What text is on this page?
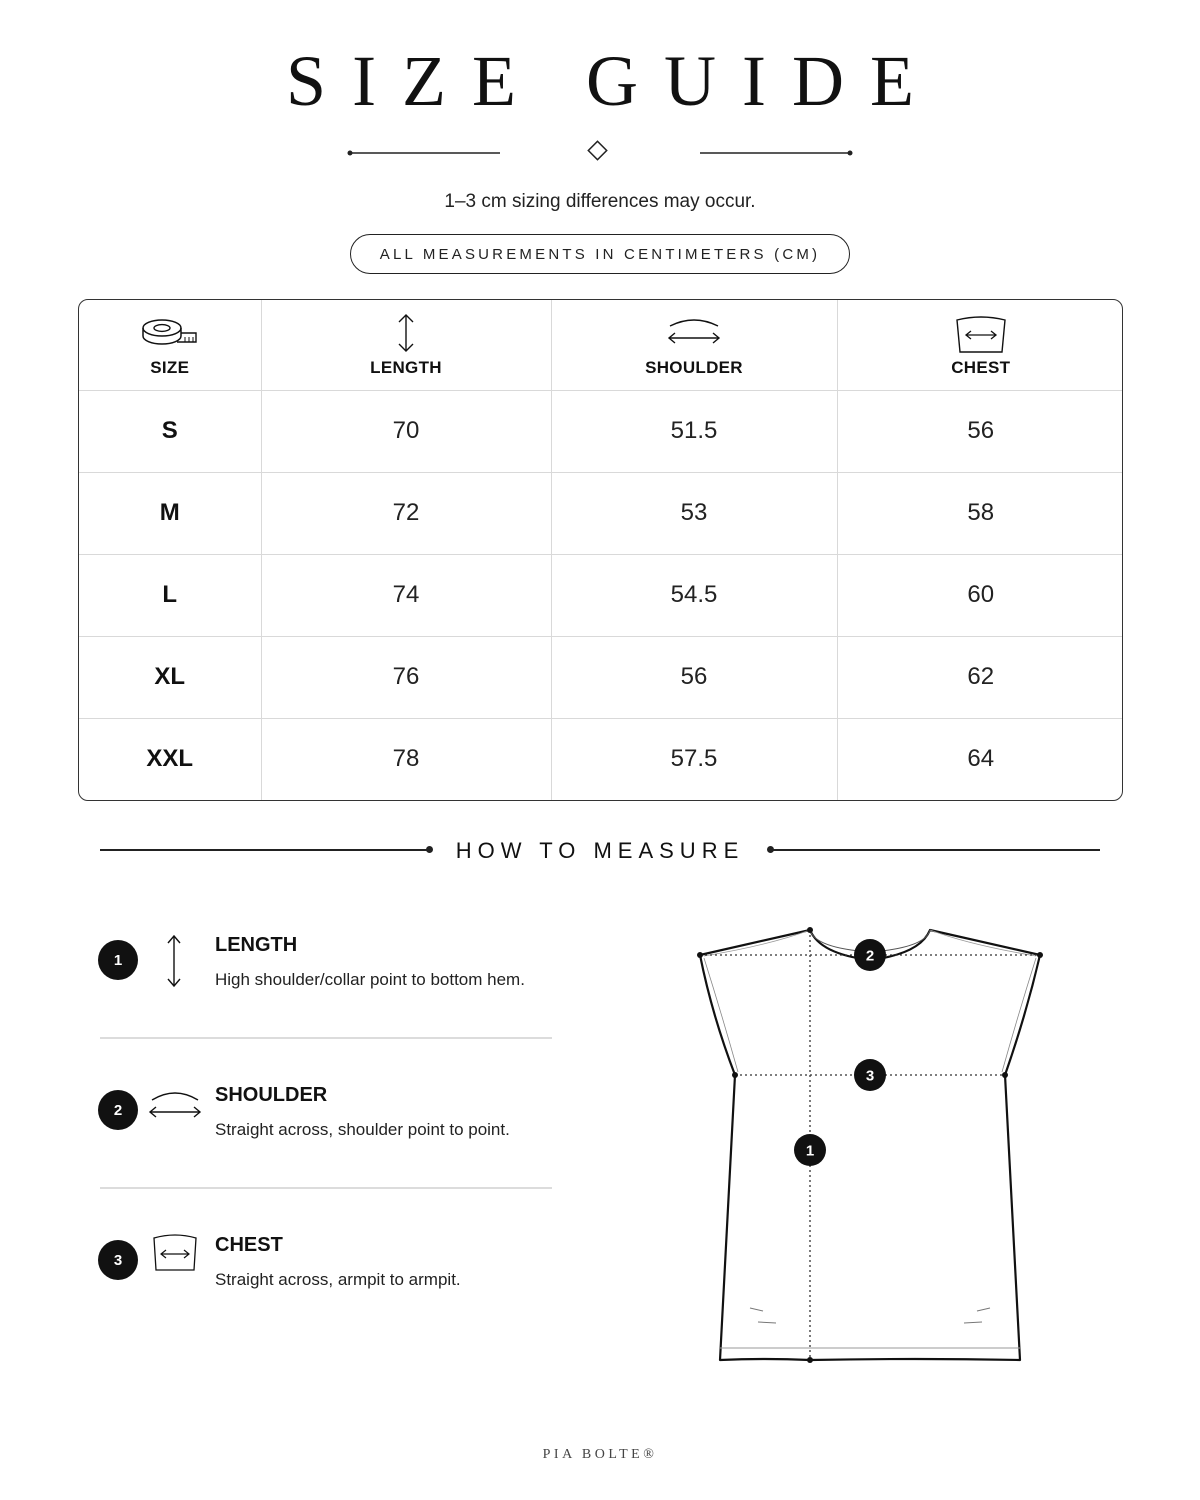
SIZE GUIDE
1–3 cm sizing differences may occur.
ALL MEASUREMENTS IN CENTIMETERS (CM)
SIZE	LENGTH	SHOULDER	CHEST

S	70	51.5	56
M	72	53	58
L	74	54.5	60
XL	76	56	62
XXL	78	57.5	64
HOW TO MEASURE
1
LENGTH
High shoulder/collar point to bottom hem.
2
SHOULDER
Straight across, shoulder point to point.
3
CHEST
Straight across, armpit to armpit.
1
2
3
PIA BOLTE®
